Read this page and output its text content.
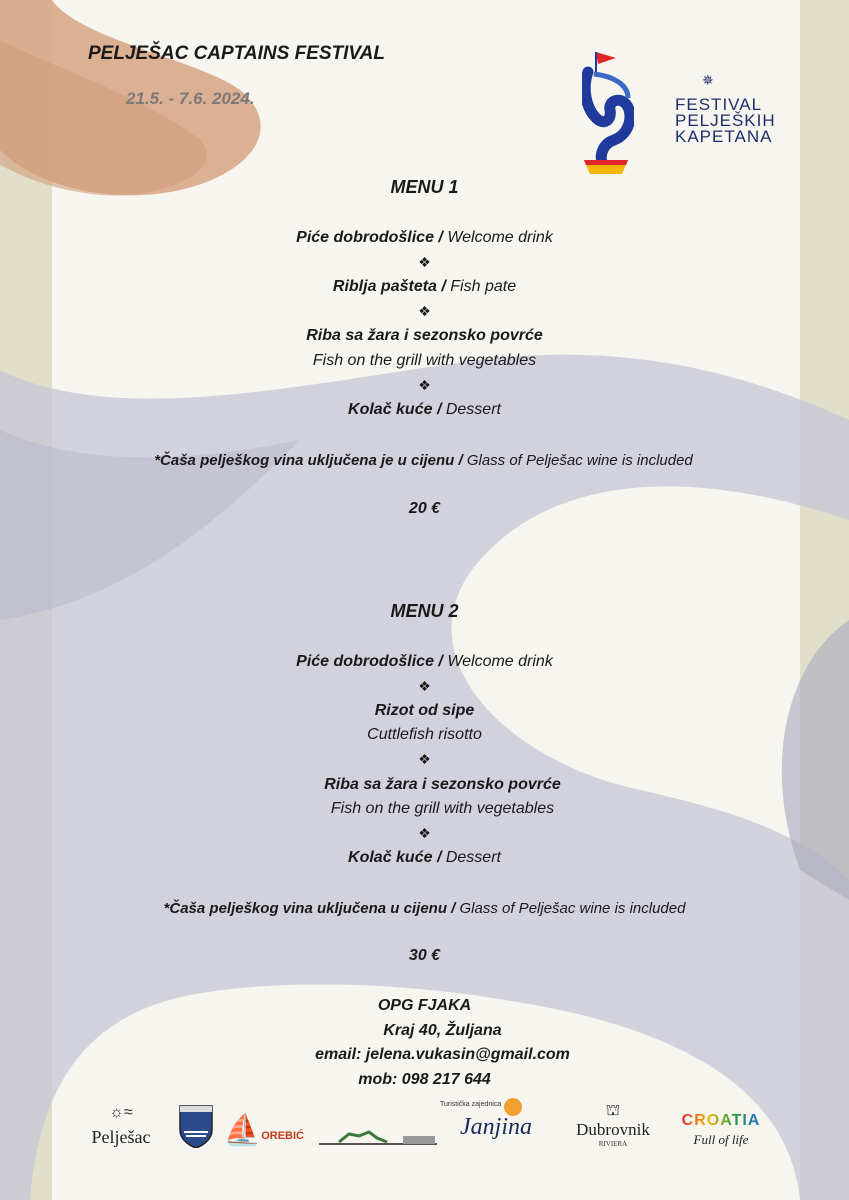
PELJEŠAC CAPTAINS FESTIVAL
21.5. - 7.6. 2024.
✵
FESTIVAL
PELJEŠKIH
KAPETANA
MENU 1
Piće dobrodošlice / Welcome drink
❖
Riblja pašteta / Fish pate
❖
Riba sa žara i sezonsko povrće
Fish on the grill with vegetables
❖
Kolač kuće / Dessert
*Čaša pelješkog vina uključena je u cijenu / Glass of Pelješac wine is included
20 €
MENU 2
Piće dobrodošlice / Welcome drink
❖
Rizot od sipe
Cuttlefish risotto
❖
Riba sa žara i sezonsko povrće
Fish on the grill with vegetables
❖
Kolač kuće / Dessert
*Čaša pelješkog vina uključena u cijenu / Glass of Pelješac wine is included
30 €
OPG FJAKA
Kraj 40, Žuljana
email: jelena.vukasin@gmail.com
mob: 098 217 644
☼≈
Pelješac ⛵ OREBIĆ
Turistička zajednica
Janjina
⛫
Dubrovnik
RIVIERA
CROATIA
Full of life
